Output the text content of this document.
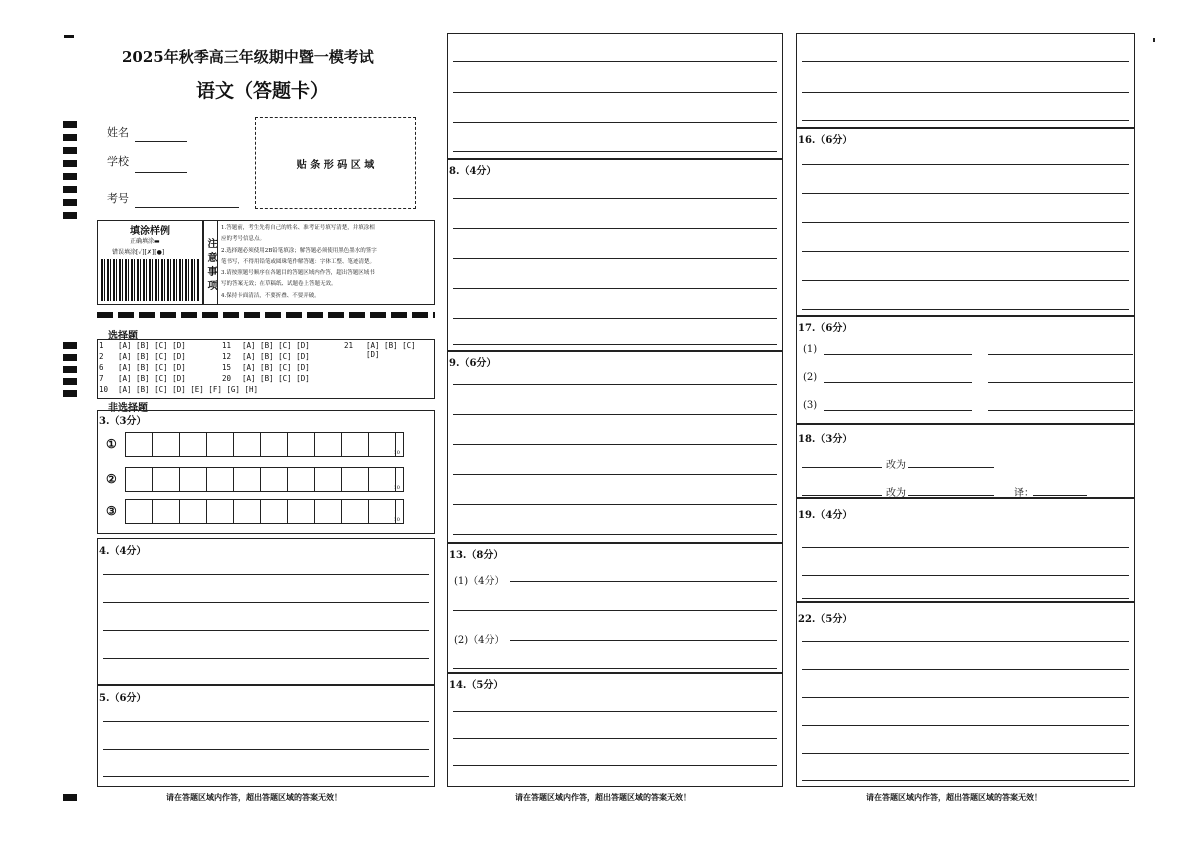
2025年秋季高三年级期中暨一模考试
语文（答题卡）
姓名
学校
考号
贴 条 形 码 区 域
填涂样例
正确填涂▬
错误填涂[✓][✗][●]	注意事项
1.答题前，考生先将自己的姓名、准考证号填写清楚，并填涂相
应的考号信息点。
2.选择题必须使用2B铅笔填涂；解答题必须使用黑色墨水的签字
笔书写，不得用铅笔或圆珠笔作解答题：字体工整、笔迹清楚。
3.请按照题号顺序在各题目的答题区域内作答，超出答题区域书
写的答案无效；在草稿纸、试题卷上答题无效。
4.保持卡面清洁，不要折叠、不要弄破。
选择题
1 [A] [B] [C] [D]	11 [A] [B] [C] [D]	21 [A] [B] [C] [D]
2 [A] [B] [C] [D]	12 [A] [B] [C] [D]
6 [A] [B] [C] [D]	15 [A] [B] [C] [D]
7 [A] [B] [C] [D]	20 [A] [B] [C] [D]
10 [A] [B] [C] [D] [E] [F] [G] [H]
非选择题
3.（3分）
①
10
②
10
③
10
4.（4分）
5.（6分）
请在答题区域内作答，超出答题区域的答案无效！
8.（4分）
9.（6分）
13.（8分）
(1)（4分）
(2)（4分）
14.（5分）
请在答题区域内作答，超出答题区域的答案无效！
16.（6分）
17.（6分）
(1)
(2)
(3)
18.（3分）
改为
改为	译：
19.（4分）
22.（5分）
请在答题区域内作答，超出答题区域的答案无效！
